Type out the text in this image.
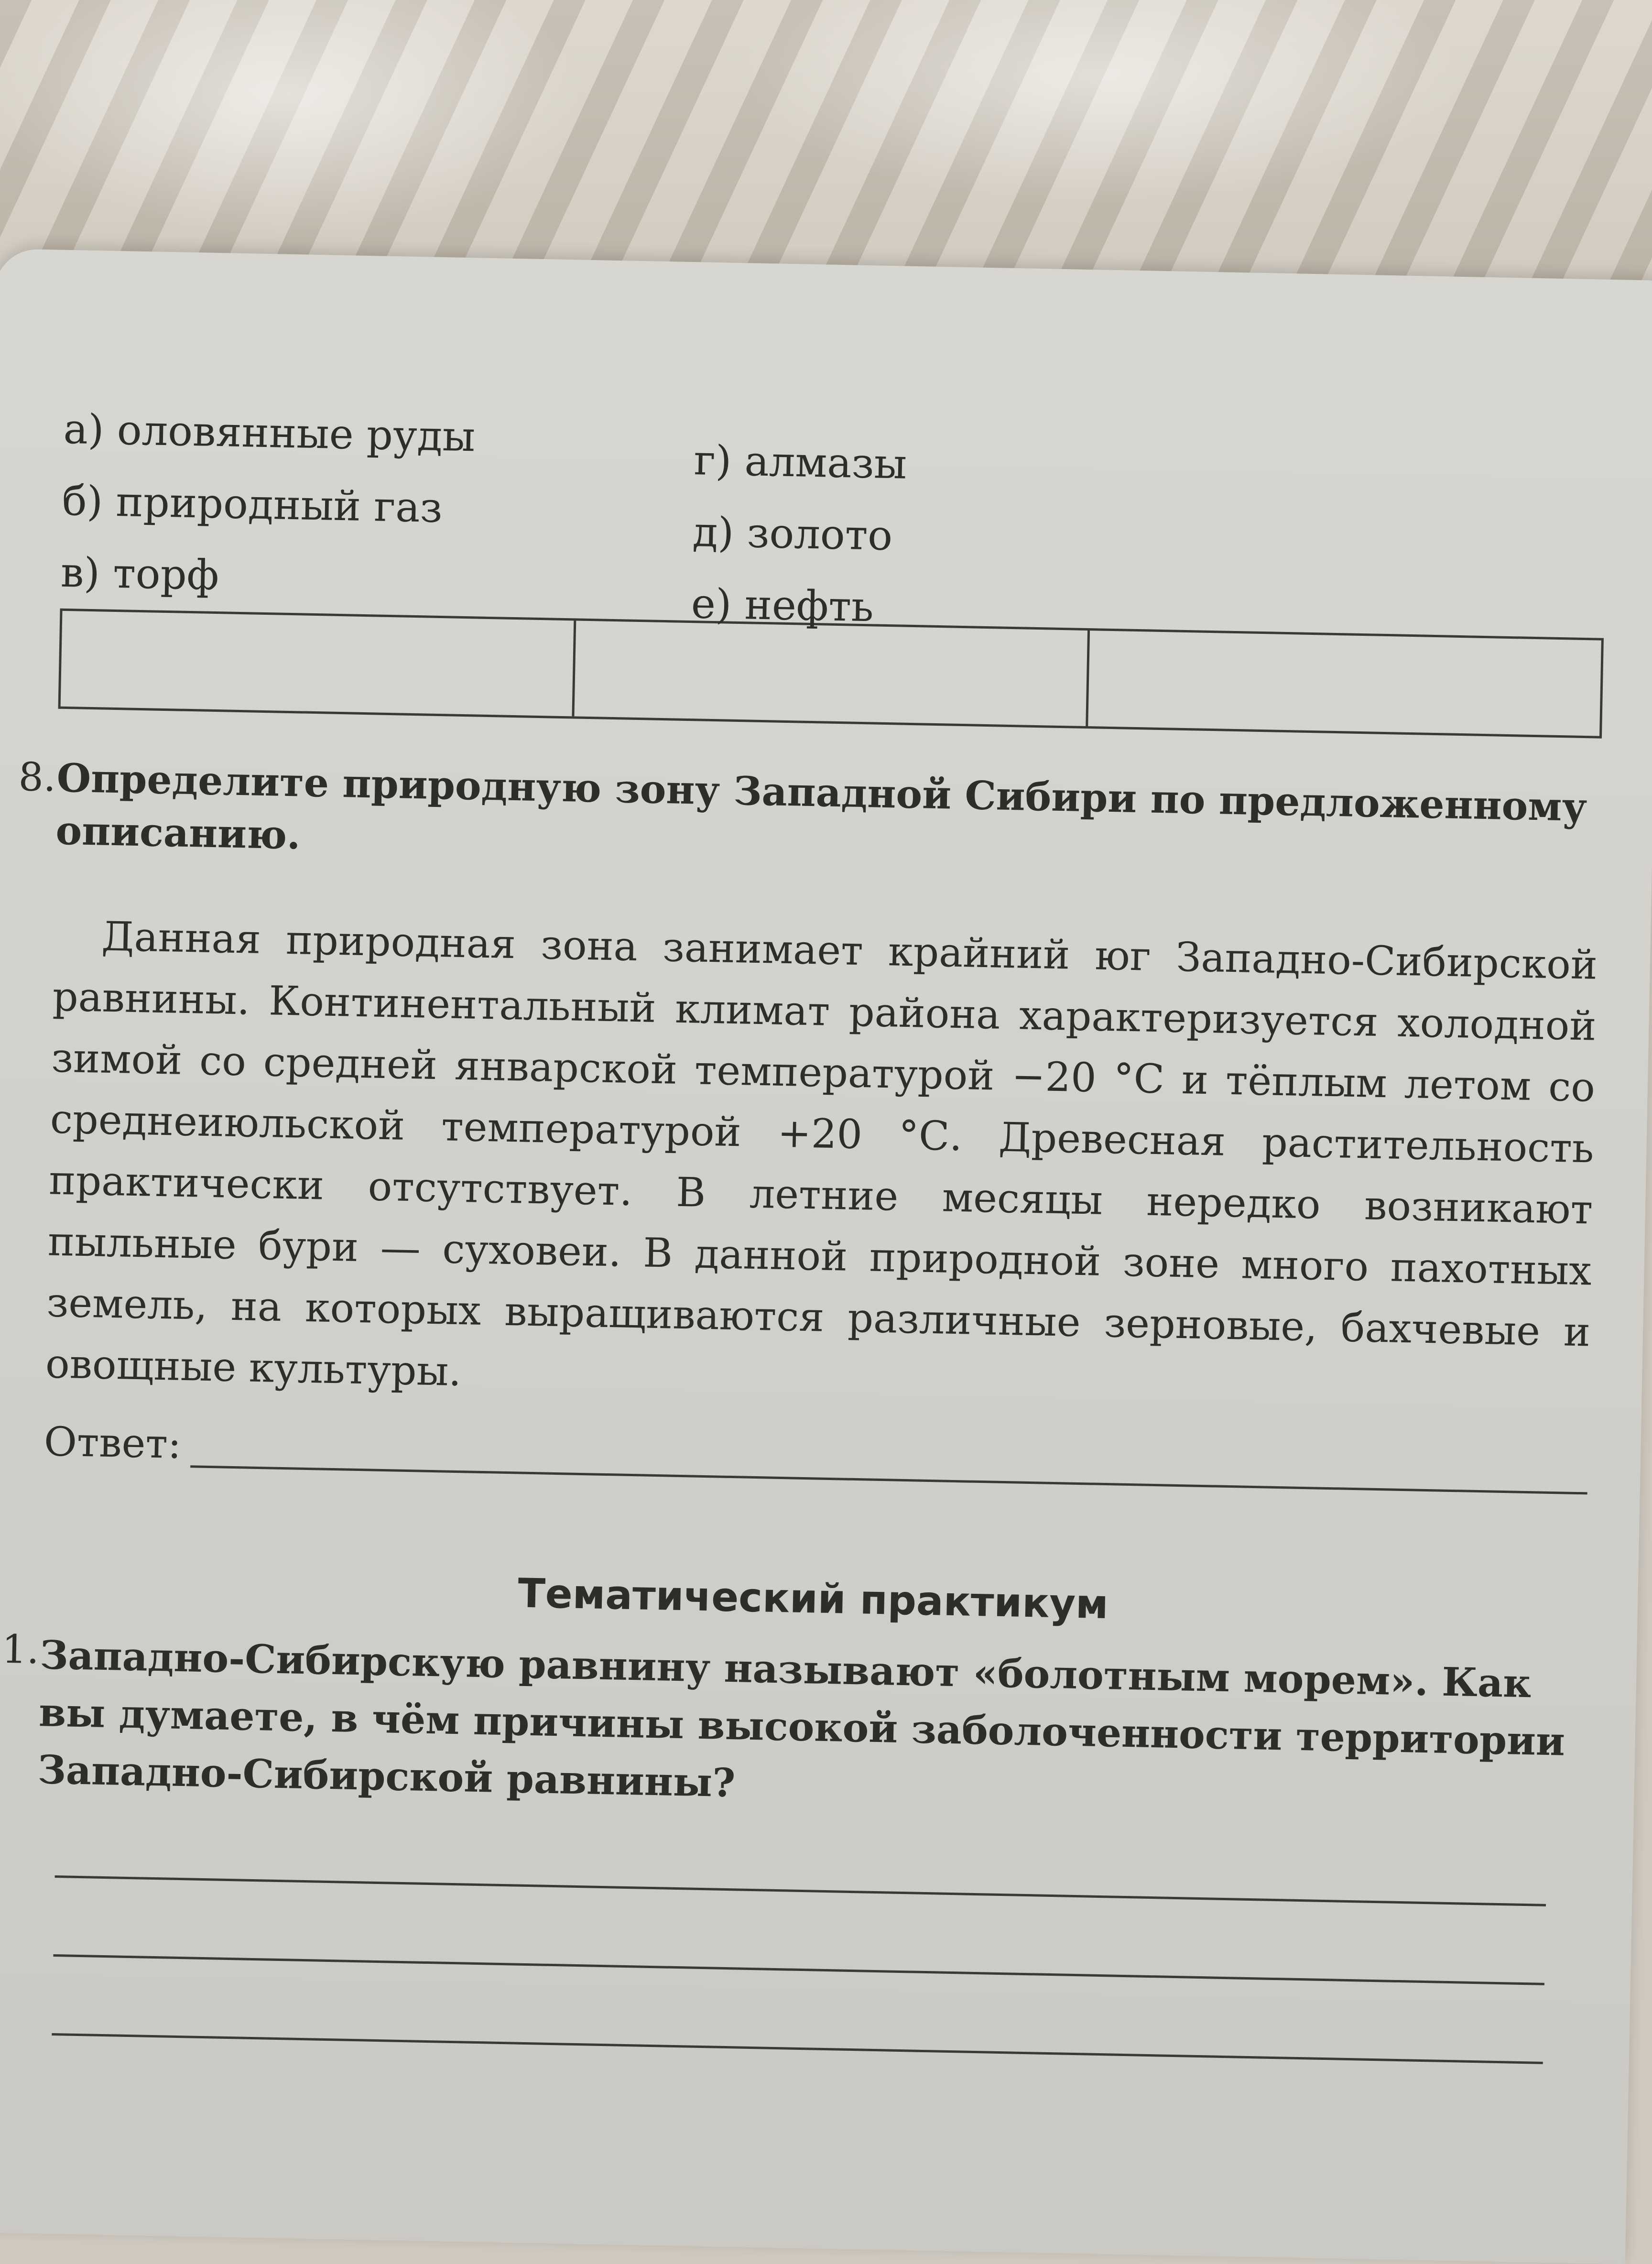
а) оловянные руды
б) природный газ
в) торф
г) алмазы
д) золото
е) нефть
8. Определите природную зону Западной Сибири по предложенному описанию.
Данная природная зона занимает крайний юг Западно-Сибирской равнины. Континентальный климат района характеризуется холодной зимой со средней январской температурой −20 °С и тёплым летом со среднеиюльской температурой +20 °С. Древесная растительность практически отсутствует. В летние месяцы нередко возникают пыльные бури — суховеи. В данной природной зоне много пахотных земель, на которых выращиваются различные зерновые, бахчевые и овощные культуры.
Ответ:
Тематический практикум
1. Западно-Сибирскую равнину называют «болотным морем». Как вы думаете, в чём причины высокой заболоченности территории Западно-Сибирской равнины?
